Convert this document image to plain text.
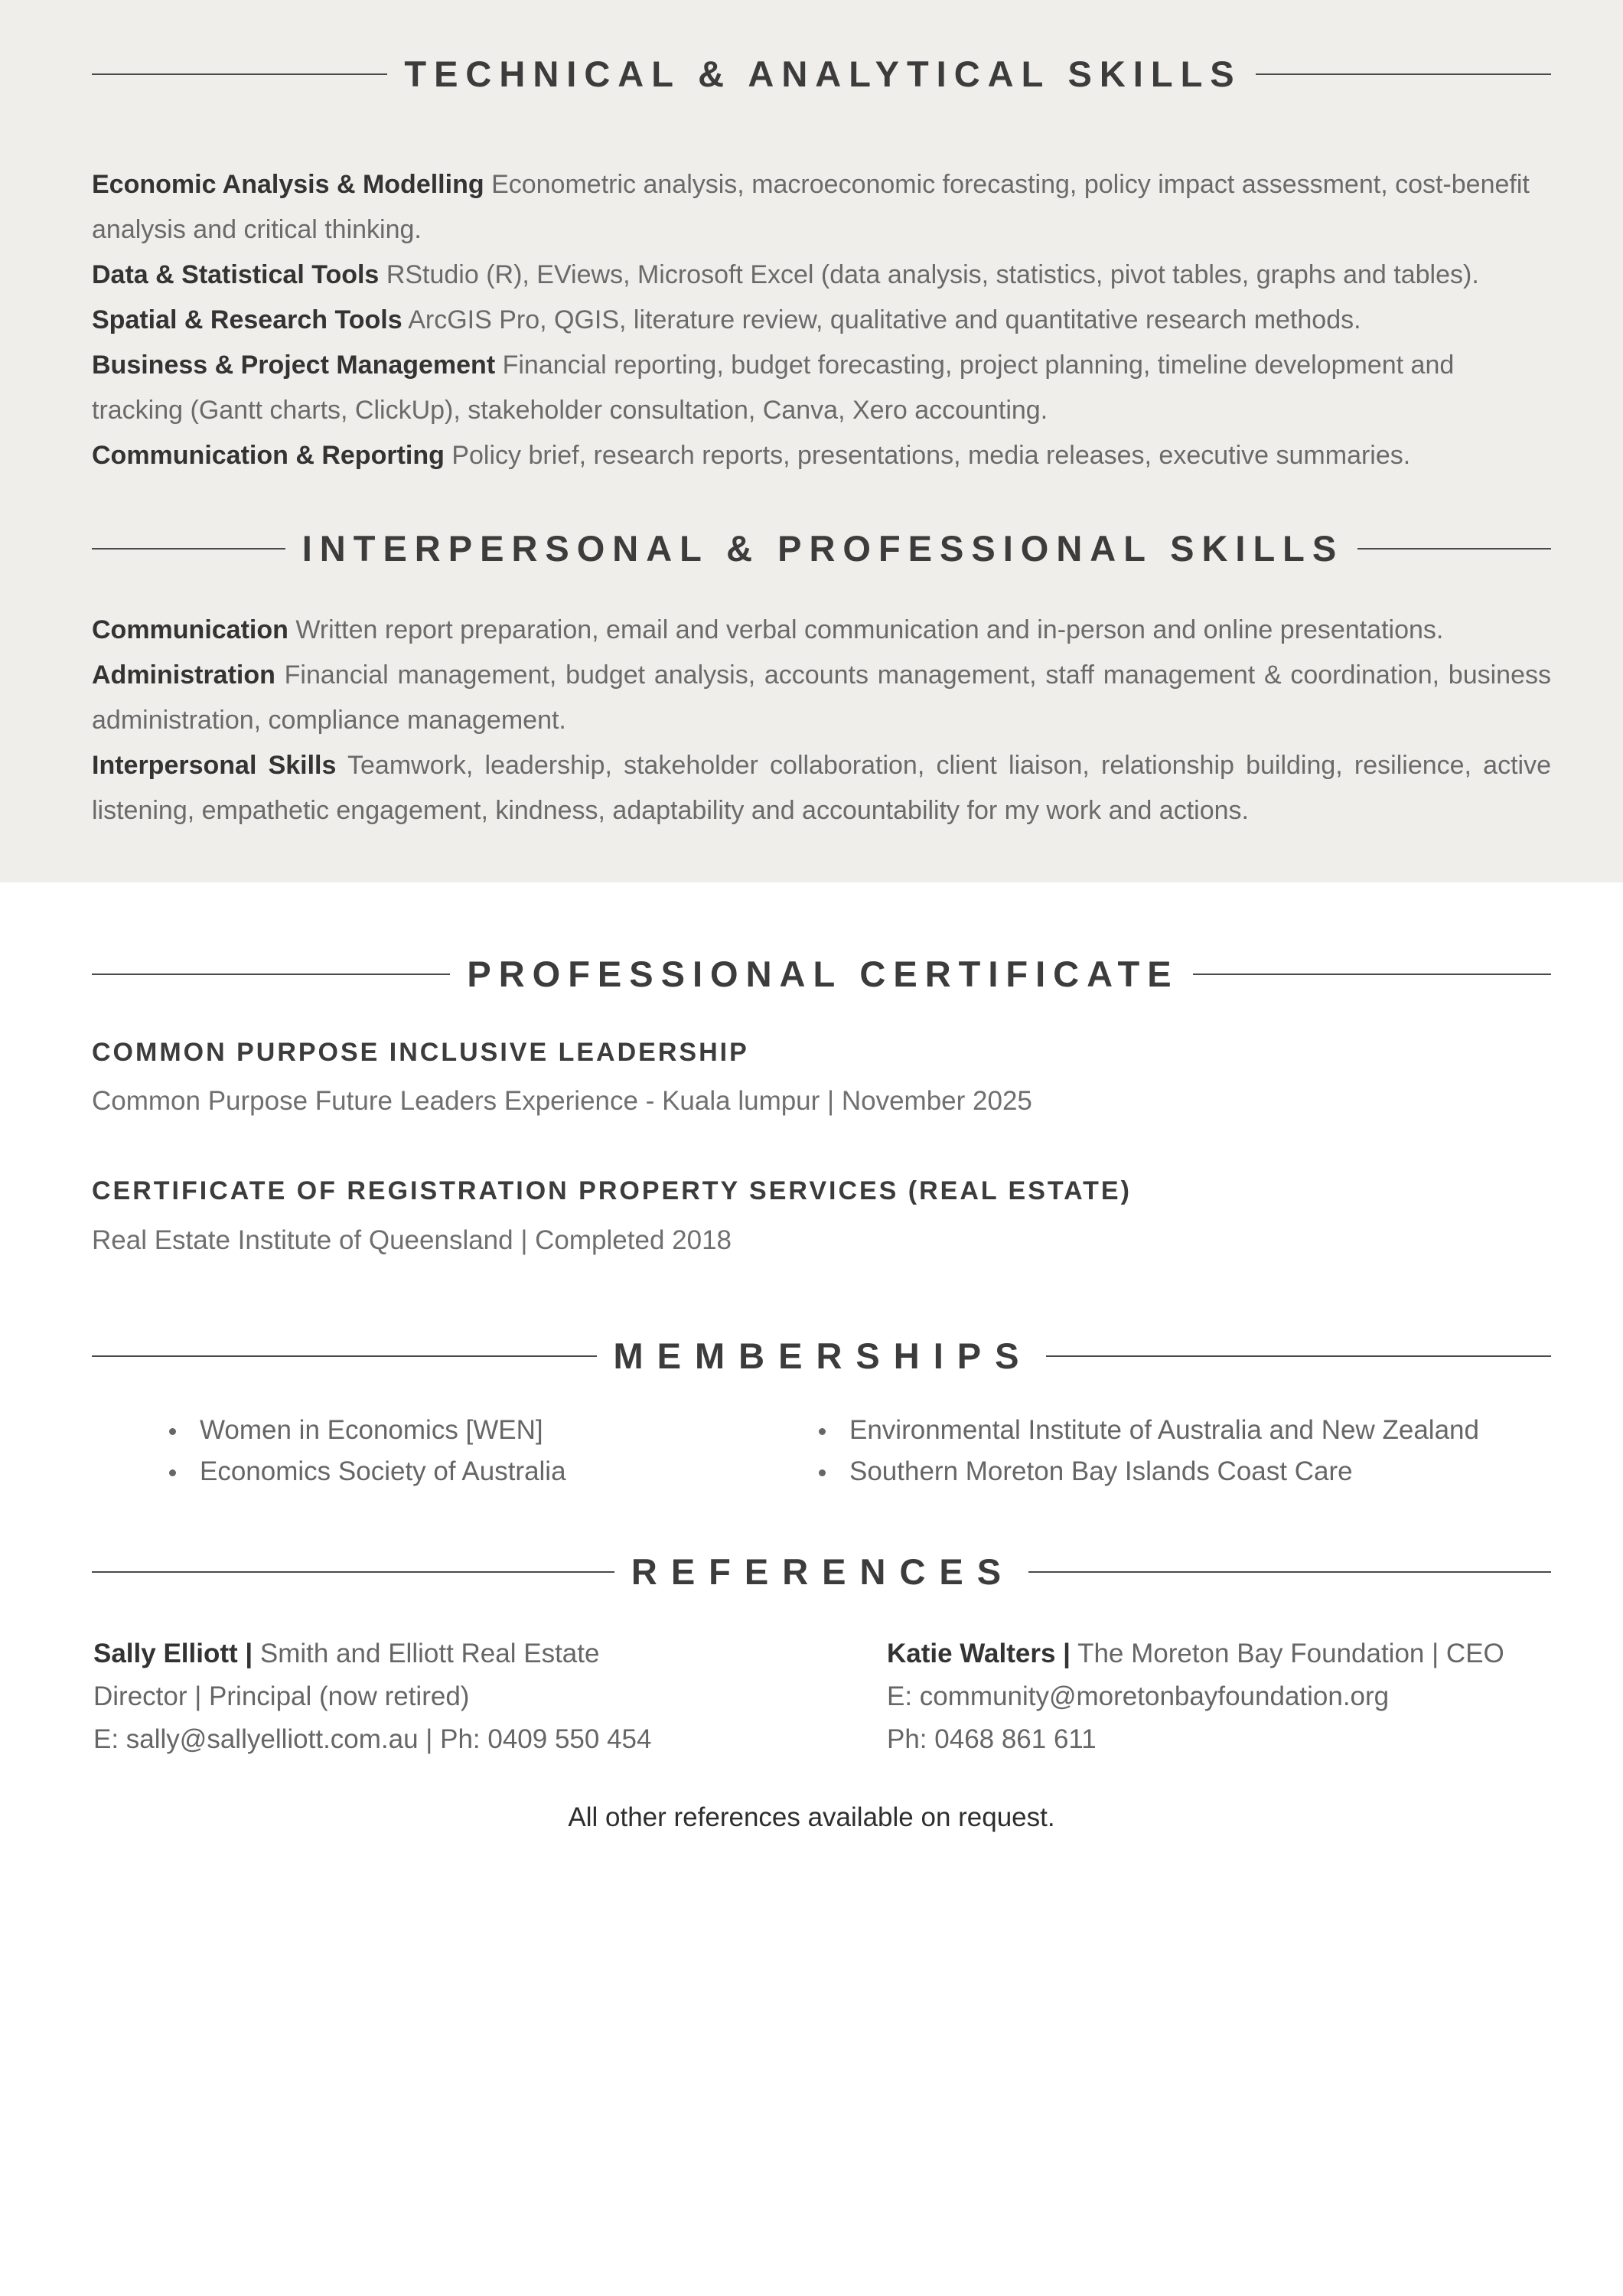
TECHNICAL & ANALYTICAL SKILLS

Economic Analysis & Modelling Econometric analysis, macroeconomic forecasting, policy impact assessment, cost-benefit analysis and critical thinking.

Data & Statistical Tools RStudio (R), EViews, Microsoft Excel (data analysis, statistics, pivot tables, graphs and tables).

Spatial & Research Tools ArcGIS Pro, QGIS, literature review, qualitative and quantitative research methods.

Business & Project Management Financial reporting, budget forecasting, project planning, timeline development and tracking (Gantt charts, ClickUp), stakeholder consultation, Canva, Xero accounting.

Communication & Reporting Policy brief, research reports, presentations, media releases, executive summaries.

INTERPERSONAL & PROFESSIONAL SKILLS

Communication Written report preparation, email and verbal communication and in-person and online presentations.

Administration Financial management, budget analysis, accounts management, staff management & coordination, business administration, compliance management.

Interpersonal Skills Teamwork, leadership, stakeholder collaboration, client liaison, relationship building, resilience, active listening, empathetic engagement, kindness, adaptability and accountability for my work and actions.

PROFESSIONAL CERTIFICATE
COMMON PURPOSE INCLUSIVE LEADERSHIP
Common Purpose Future Leaders Experience - Kuala lumpur | November 2025
CERTIFICATE OF REGISTRATION PROPERTY SERVICES (REAL ESTATE)
Real Estate Institute of Queensland | Completed 2018
MEMBERSHIPS
Women in Economics [WEN]
Economics Society of Australia
Environmental Institute of Australia and New Zealand
Southern Moreton Bay Islands Coast Care
REFERENCES
Sally Elliott | Smith and Elliott Real Estate
Director | Principal (now retired)
E: sally@sallyelliott.com.au | Ph: 0409 550 454
Katie Walters | The Moreton Bay Foundation | CEO
E: community@moretonbayfoundation.org
Ph: 0468 861 611
All other references available on request.
